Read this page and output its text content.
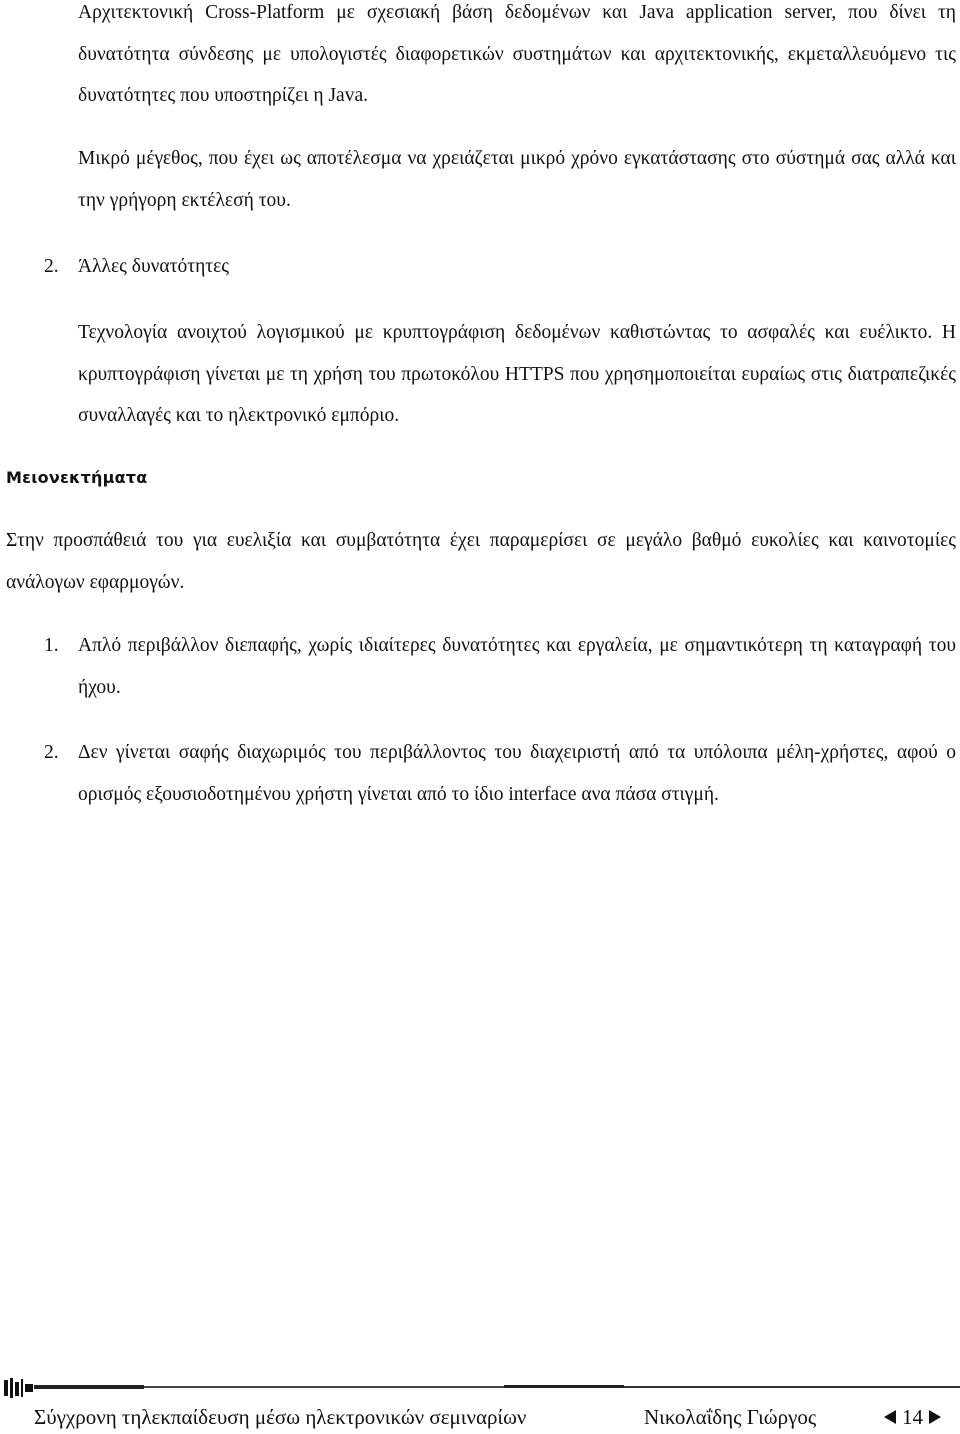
Αρχιτεκτονική Cross-Platform με σχεσιακή βάση δεδομένων και Java application server, που δίνει τη δυνατότητα σύνδεσης με υπολογιστές διαφορετικών συστημάτων και αρχιτεκτονικής, εκμεταλλευόμενο τις δυνατότητες που υποστηρίζει η Java.

Μικρό μέγεθος, που έχει ως αποτέλεσμα να χρειάζεται μικρό χρόνο εγκατάστασης στο σύστημά σας αλλά και την γρήγορη εκτέλεσή του.

2. Άλλες δυνατότητες

Τεχνολογία ανοιχτού λογισμικού με κρυπτογράφιση δεδομένων καθιστώντας το ασφαλές και ευέλικτο. Η κρυπτογράφιση γίνεται με τη χρήση του πρωτοκόλου HTTPS που χρησημοποιείται ευραίως στις διατραπεζικές συναλλαγές και το ηλεκτρονικό εμπόριο.

Μειονεκτήματα

Στην προσπάθειά του για ευελιξία και συμβατότητα έχει παραμερίσει σε μεγάλο βαθμό ευκολίες και καινοτομίες ανάλογων εφαρμογών.

1. Απλό περιβάλλον διεπαφής, χωρίς ιδιαίτερες δυνατότητες και εργαλεία, με σημαντικότερη τη καταγραφή του ήχου.

2. Δεν γίνεται σαφής διαχωριμός του περιβάλλοντος του διαχειριστή από τα υπόλοιπα μέλη-χρήστες, αφού ο ορισμός εξουσιοδοτημένου χρήστη γίνεται από το ίδιο interface ανα πάσα στιγμή.

Σύγχρονη τηλεκπαίδευση μέσω ηλεκτρονικών σεμιναρίων	Νικολαΐδης Γιώργος	14
